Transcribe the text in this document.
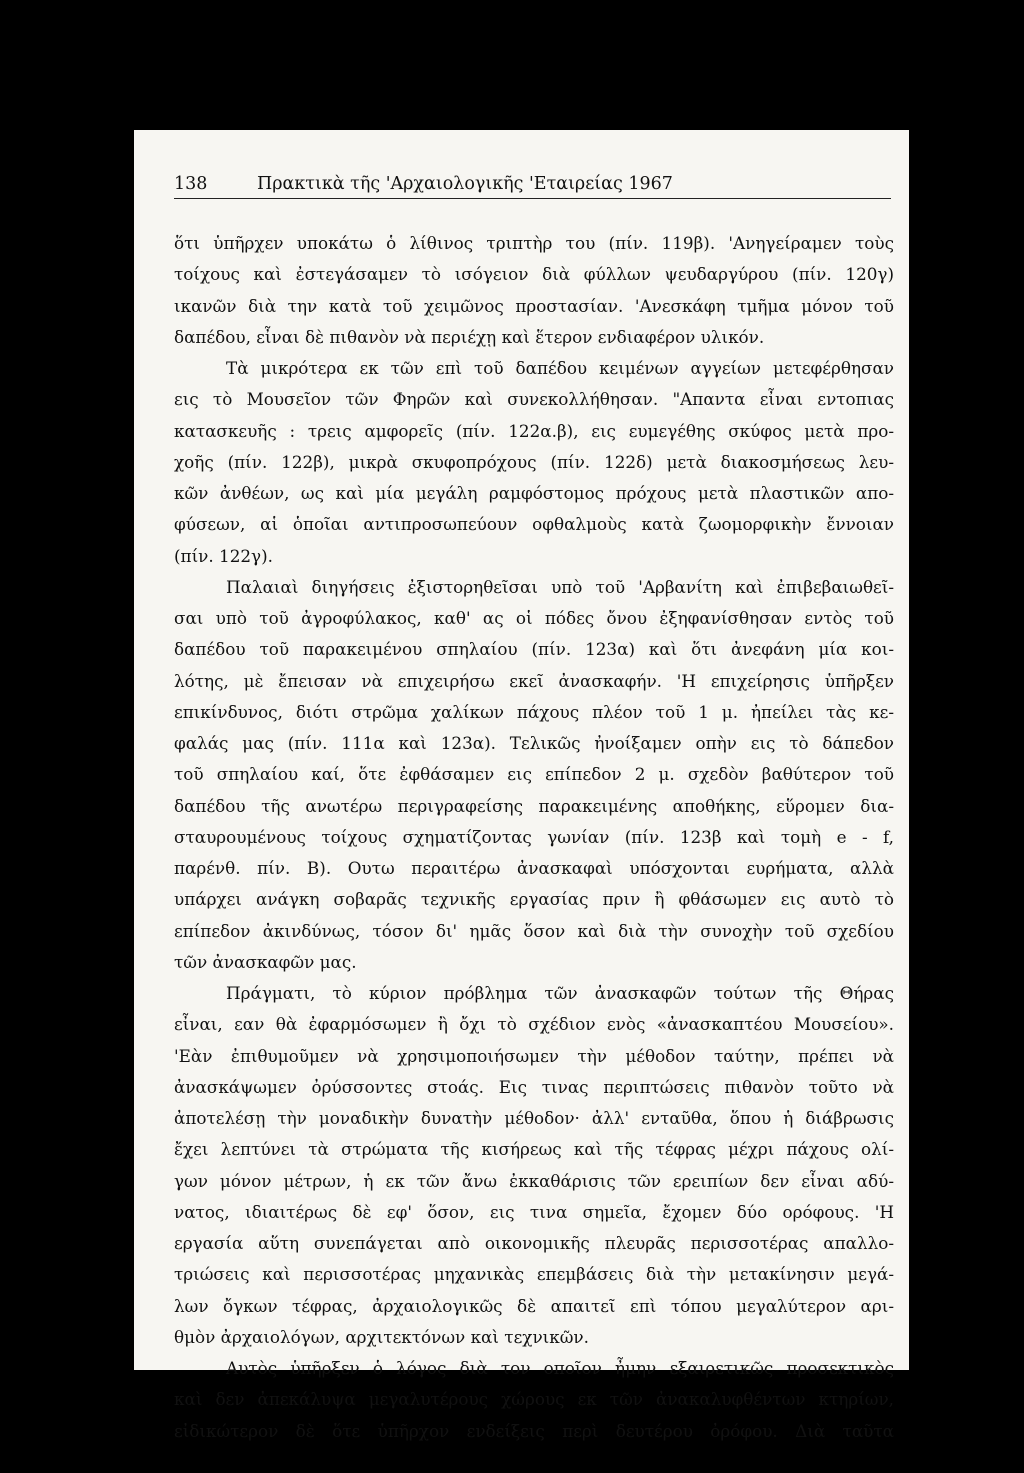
138	Πρακτικὰ τῆς 'Αρχαιολογικῆς 'Εταιρείας 1967
ὅτι ὑπῆρχεν υποκάτω ὁ λίθινος τριπτὴρ του (πίν. 119β). 'Ανηγείραμεν τοὺς
τοίχους καὶ ἐστεγάσαμεν τὸ ισόγειον διὰ φύλλων ψευδαργύρου (πίν. 120γ)
ικανῶν διὰ την κατὰ τοῦ χειμῶνος προστασίαν. 'Ανεσκάφη τμῆμα μόνον τοῦ
δαπέδου, εἶναι δὲ πιθανὸν νὰ περιέχῃ καὶ ἕτερον ενδιαφέρον υλικόν.
Τὰ μικρότερα εκ τῶν επὶ τοῦ δαπέδου κειμένων αγγείων μετεφέρθησαν
εις τὸ Μουσεῖον τῶν Φηρῶν καὶ συνεκολλήθησαν. "Απαντα εἶναι εντοπιας
κατασκευῆς : τρεις αμφορεῖς (πίν. 122α.β), εις ευμεγέθης σκύφος μετὰ προ-
χοῆς (πίν. 122β), μικρὰ σκυφοπρόχους (πίν. 122δ) μετὰ διακοσμήσεως λευ-
κῶν ἀνθέων, ως καὶ μία μεγάλη ραμφόστομος πρόχους μετὰ πλαστικῶν απο-
φύσεων, αἱ ὁποῖαι αντιπροσωπεύουν οφθαλμοὺς κατὰ ζωομορφικὴν ἔννοιαν
(πίν. 122γ).
Παλαιαὶ διηγήσεις ἐξιστορηθεῖσαι υπὸ τοῦ 'Αρβανίτη καὶ ἐπιβεβαιωθεῖ-
σαι υπὸ τοῦ ἀγροφύλακος, καθ' ας οἱ πόδες ὄνου ἐξηφανίσθησαν εντὸς τοῦ
δαπέδου τοῦ παρακειμένου σπηλαίου (πίν. 123α) καὶ ὅτι ἀνεφάνη μία κοι-
λότης, μὲ ἔπεισαν νὰ επιχειρήσω εκεῖ ἀνασκαφήν. 'Η επιχείρησις ὑπῆρξεν
επικίνδυνος, διότι στρῶμα χαλίκων πάχους πλέον τοῦ 1 μ. ἠπείλει τὰς κε-
φαλάς μας (πίν. 111α καὶ 123α). Τελικῶς ἠνοίξαμεν οπὴν εις τὸ δάπεδον
τοῦ σπηλαίου καί, ὅτε ἐφθάσαμεν εις επίπεδον 2 μ. σχεδὸν βαθύτερον τοῦ
δαπέδου τῆς ανωτέρω περιγραφείσης παρακειμένης αποθήκης, εὕρομεν δια-
σταυρουμένους τοίχους σχηματίζοντας γωνίαν (πίν. 123β καὶ τομὴ e - f,
παρένθ. πίν. Β). Ουτω περαιτέρω ἀνασκαφαὶ υπόσχονται ευρήματα, αλλὰ
υπάρχει ανάγκη σοβαρᾶς τεχνικῆς εργασίας πριν ἢ φθάσωμεν εις αυτὸ τὸ
επίπεδον ἀκινδύνως, τόσον δι' ημᾶς ὅσον καὶ διὰ τὴν συνοχὴν τοῦ σχεδίου
τῶν ἀνασκαφῶν μας.
Πράγματι, τὸ κύριον πρόβλημα τῶν ἀνασκαφῶν τούτων τῆς Θήρας
εἶναι, εαν θὰ ἐφαρμόσωμεν ἢ ὄχι τὸ σχέδιον ενὸς «ἀνασκαπτέου Μουσείου».
'Εὰν ἐπιθυμοῦμεν νὰ χρησιμοποιήσωμεν τὴν μέθοδον ταύτην, πρέπει νὰ
ἀνασκάψωμεν ὀρύσσοντες στοάς. Εις τινας περιπτώσεις πιθανὸν τοῦτο νὰ
ἀποτελέσῃ τὴν μοναδικὴν δυνατὴν μέθοδον· ἀλλ' ενταῦθα, ὅπου ἡ διάβρωσις
ἔχει λεπτύνει τὰ στρώματα τῆς κισήρεως καὶ τῆς τέφρας μέχρι πάχους ολί-
γων μόνον μέτρων, ἡ εκ τῶν ἄνω ἐκκαθάρισις τῶν ερειπίων δεν εἶναι αδύ-
νατος, ιδιαιτέρως δὲ εφ' ὅσον, εις τινα σημεῖα, ἔχομεν δύο ορόφους. 'Η
εργασία αὕτη συνεπάγεται απὸ οικονομικῆς πλευρᾶς περισσοτέρας απαλλο-
τριώσεις καὶ περισσοτέρας μηχανικὰς επεμβάσεις διὰ τὴν μετακίνησιν μεγά-
λων ὄγκων τέφρας, ἀρχαιολογικῶς δὲ απαιτεῖ επὶ τόπου μεγαλύτερον αρι-
θμὸν ἀρχαιολόγων, αρχιτεκτόνων καὶ τεχνικῶν.
Αυτὸς ὑπῆρξεν ὁ λόγος διὰ τον οποῖον ἦμην εξαιρετικῶς προσεκτικὸς
καὶ δεν ἀπεκάλυψα μεγαλυτέρους χώρους εκ τῶν ἀνακαλυφθέντων κτηρίων,
εἰδικώτερον δὲ ὅτε ὑπῆρχον ενδείξεις περὶ δευτέρου ὀρόφου. Διὰ ταῦτα
